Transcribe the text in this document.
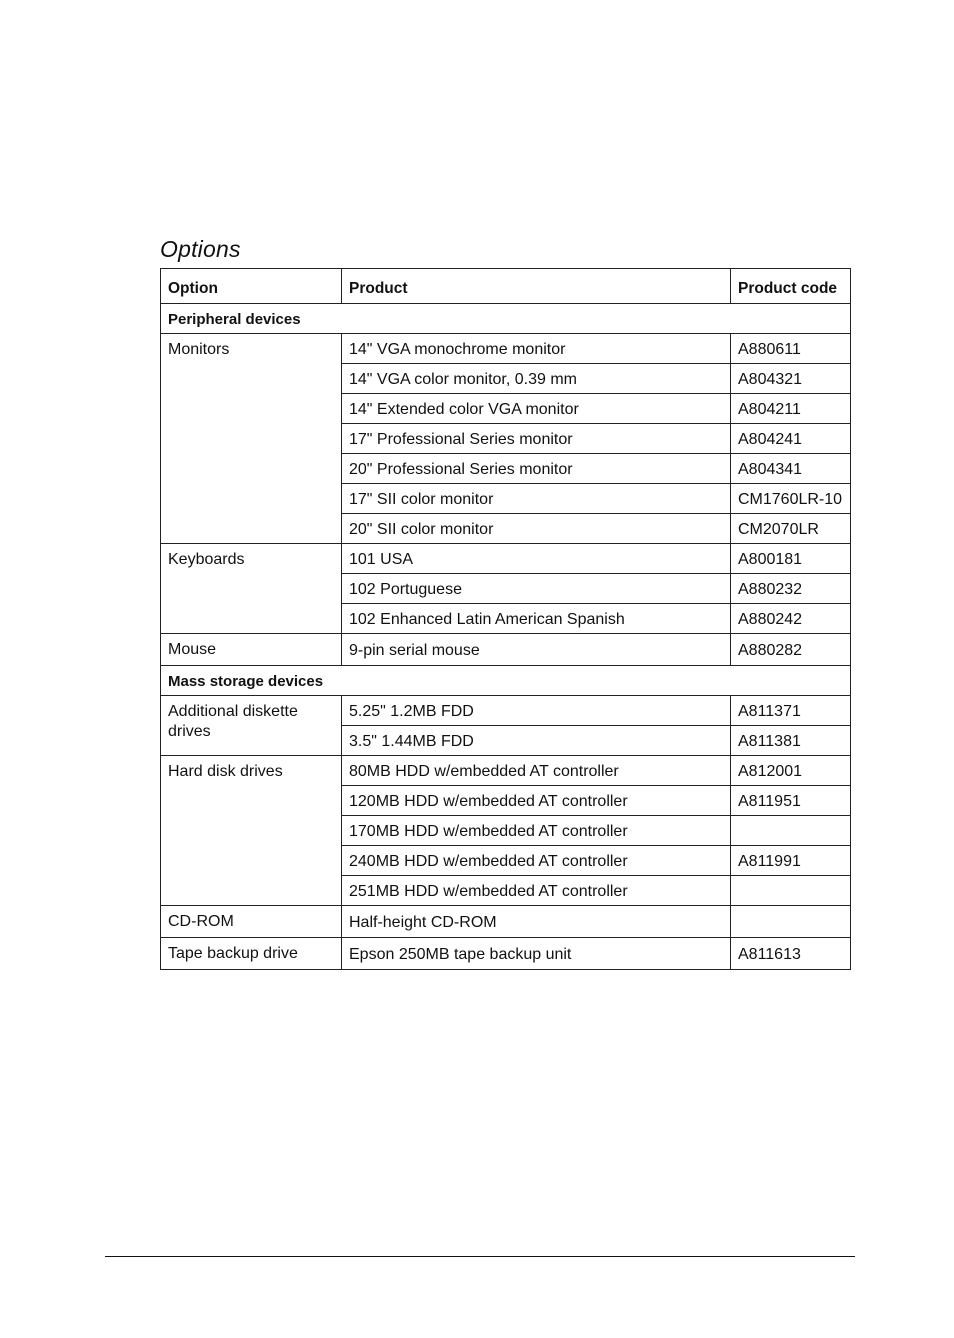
Options
Option	Product	Product code
Peripheral devices		
Monitors	14" VGA monochrome monitor	A880611
	14" VGA color monitor, 0.39 mm	A804321
	14" Extended color VGA monitor	A804211
	17" Professional Series monitor	A804241
	20" Professional Series monitor	A804341
	17" SII color monitor	CM1760LR-10
	20" SII color monitor	CM2070LR
Keyboards	101 USA	A800181
	102 Portuguese	A880232
	102 Enhanced Latin American Spanish	A880242
Mouse	9-pin serial mouse	A880282
Mass storage devices		
Additional diskette drives	5.25" 1.2MB FDD	A811371
	3.5" 1.44MB FDD	A811381
Hard disk drives	80MB HDD w/embedded AT controller	A812001
	120MB HDD w/embedded AT controller	A811951
	170MB HDD w/embedded AT controller	
	240MB HDD w/embedded AT controller	A811991
	251MB HDD w/embedded AT controller	
CD-ROM	Half-height CD-ROM	
Tape backup drive	Epson 250MB tape backup unit	A811613
